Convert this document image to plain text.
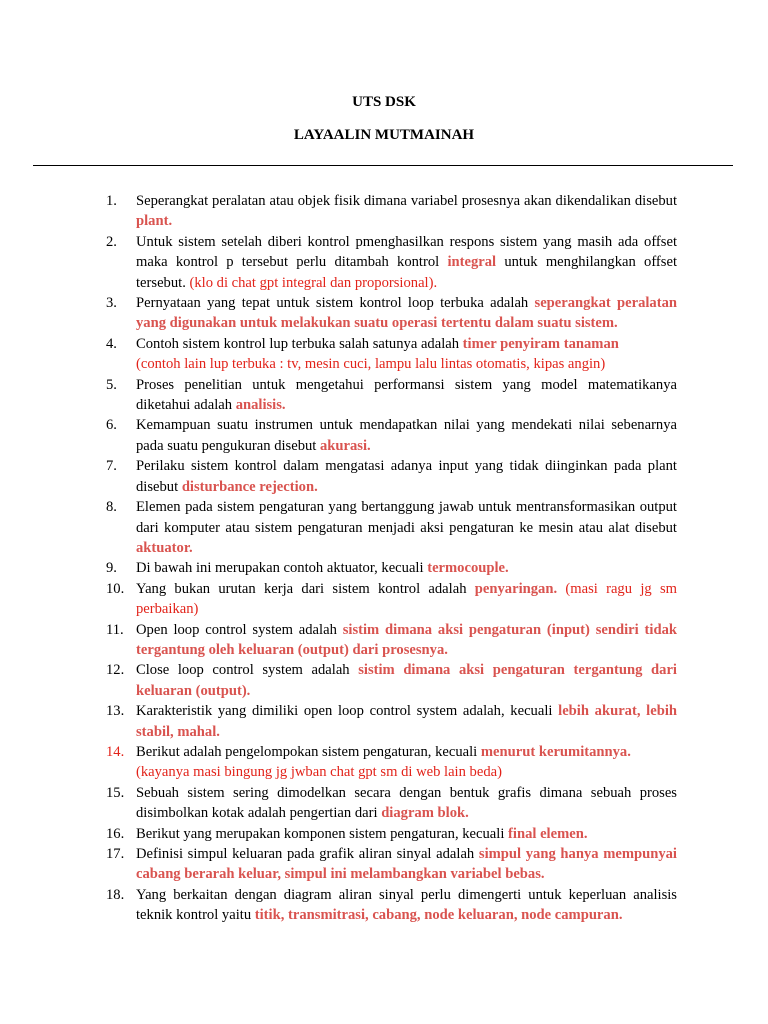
UTS DSK
LAYAALIN MUTMAINAH
1.	Seperangkat peralatan atau objek fisik dimana variabel prosesnya akan dikendalikan disebut plant.
2.	Untuk sistem setelah diberi kontrol pmenghasilkan respons sistem yang masih ada offset maka kontrol p tersebut perlu ditambah kontrol integral untuk menghilangkan offset tersebut. (klo di chat gpt integral dan proporsional).
3.	Pernyataan yang tepat untuk sistem kontrol loop terbuka adalah seperangkat peralatan yang digunakan untuk melakukan suatu operasi tertentu dalam suatu sistem.
4.	Contoh sistem kontrol lup terbuka salah satunya adalah timer penyiram tanaman
(contoh lain lup terbuka : tv, mesin cuci, lampu lalu lintas otomatis, kipas angin)
5.	Proses penelitian untuk mengetahui performansi sistem yang model matematikanya diketahui adalah analisis.
6.	Kemampuan suatu instrumen untuk mendapatkan nilai yang mendekati nilai sebenarnya pada suatu pengukuran disebut akurasi.
7.	Perilaku sistem kontrol dalam mengatasi adanya input yang tidak diinginkan pada plant disebut disturbance rejection.
8.	Elemen pada sistem pengaturan yang bertanggung jawab untuk mentransformasikan output dari komputer atau sistem pengaturan menjadi aksi pengaturan ke mesin atau alat disebut aktuator.
9.	Di bawah ini merupakan contoh aktuator, kecuali termocouple.
10. Yang bukan urutan kerja dari sistem kontrol adalah penyaringan. (masi ragu jg sm perbaikan)
11. Open loop control system adalah sistim dimana aksi pengaturan (input) sendiri tidak tergantung oleh keluaran (output) dari prosesnya.
12. Close loop control system adalah sistim dimana aksi pengaturan tergantung dari keluaran (output).
13. Karakteristik yang dimiliki open loop control system adalah, kecuali lebih akurat, lebih stabil, mahal.
14. Berikut adalah pengelompokan sistem pengaturan, kecuali menurut kerumitannya.
(kayanya masi bingung jg jwban chat gpt sm di web lain beda)
15. Sebuah sistem sering dimodelkan secara dengan bentuk grafis dimana sebuah proses disimbolkan kotak adalah pengertian dari diagram blok.
16. Berikut yang merupakan komponen sistem pengaturan, kecuali final elemen.
17. Definisi simpul keluaran pada grafik aliran sinyal adalah simpul yang hanya mempunyai cabang berarah keluar, simpul ini melambangkan variabel bebas.
18. Yang berkaitan dengan diagram aliran sinyal perlu dimengerti untuk keperluan analisis teknik kontrol yaitu titik, transmitrasi, cabang, node keluaran, node campuran.
